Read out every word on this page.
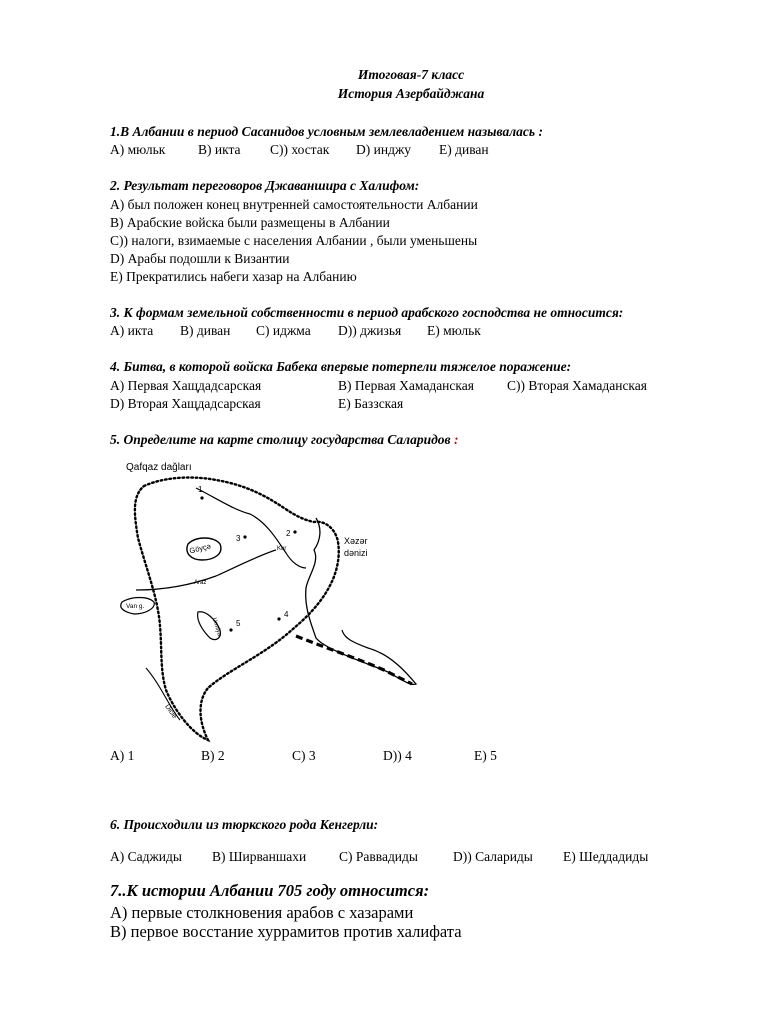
Итоговая-7 класс
История Азербайджана
1.В Албании в период Сасанидов условным землевладением называлась :
A) мюльк B) икта C)) хостак D) инджу E) диван
2. Результат переговоров Джаваншира с Халифом:
A) был положен конец внутренней самостоятельности Албании
B) Арабские войска были размещены в Албании
C)) налоги, взимаемые с населения Албании , были уменьшены
D) Арабы подошли к Византии
E) Прекратились набеги хазар на Албанию
3. К формам земельной собственности в период арабского господства не относится:
A) икта B) диван C) иджма D)) джизья E) мюльк
4. Битва, в которой войска Бабека впервые потерпели тяжелое поражение:
A) Первая Хащдадсарская	B) Первая Хамаданская C)) Вторая Хамаданская
D) Вторая Хащдадсарская	E) Баззская
5. Определите на карте столицу государства Саларидов :
Qafqaz dağları
Xəzər
dənizi
Göyçə	Kur
Araz
Van g.
Urmiya
Dicle
1
2
3
4
5
A) 1	B) 2	C) 3	D)) 4	E) 5
6. Происходили из тюркского рода Кенгерли:
A) Саджиды B) Ширваншахи C) Раввадиды	D)) Салариды E) Шеддадиды
7..К истории Албании 705 году относится:
A) первые столкновения арабов с хазарами
B) первое восстание хуррамитов против халифата
